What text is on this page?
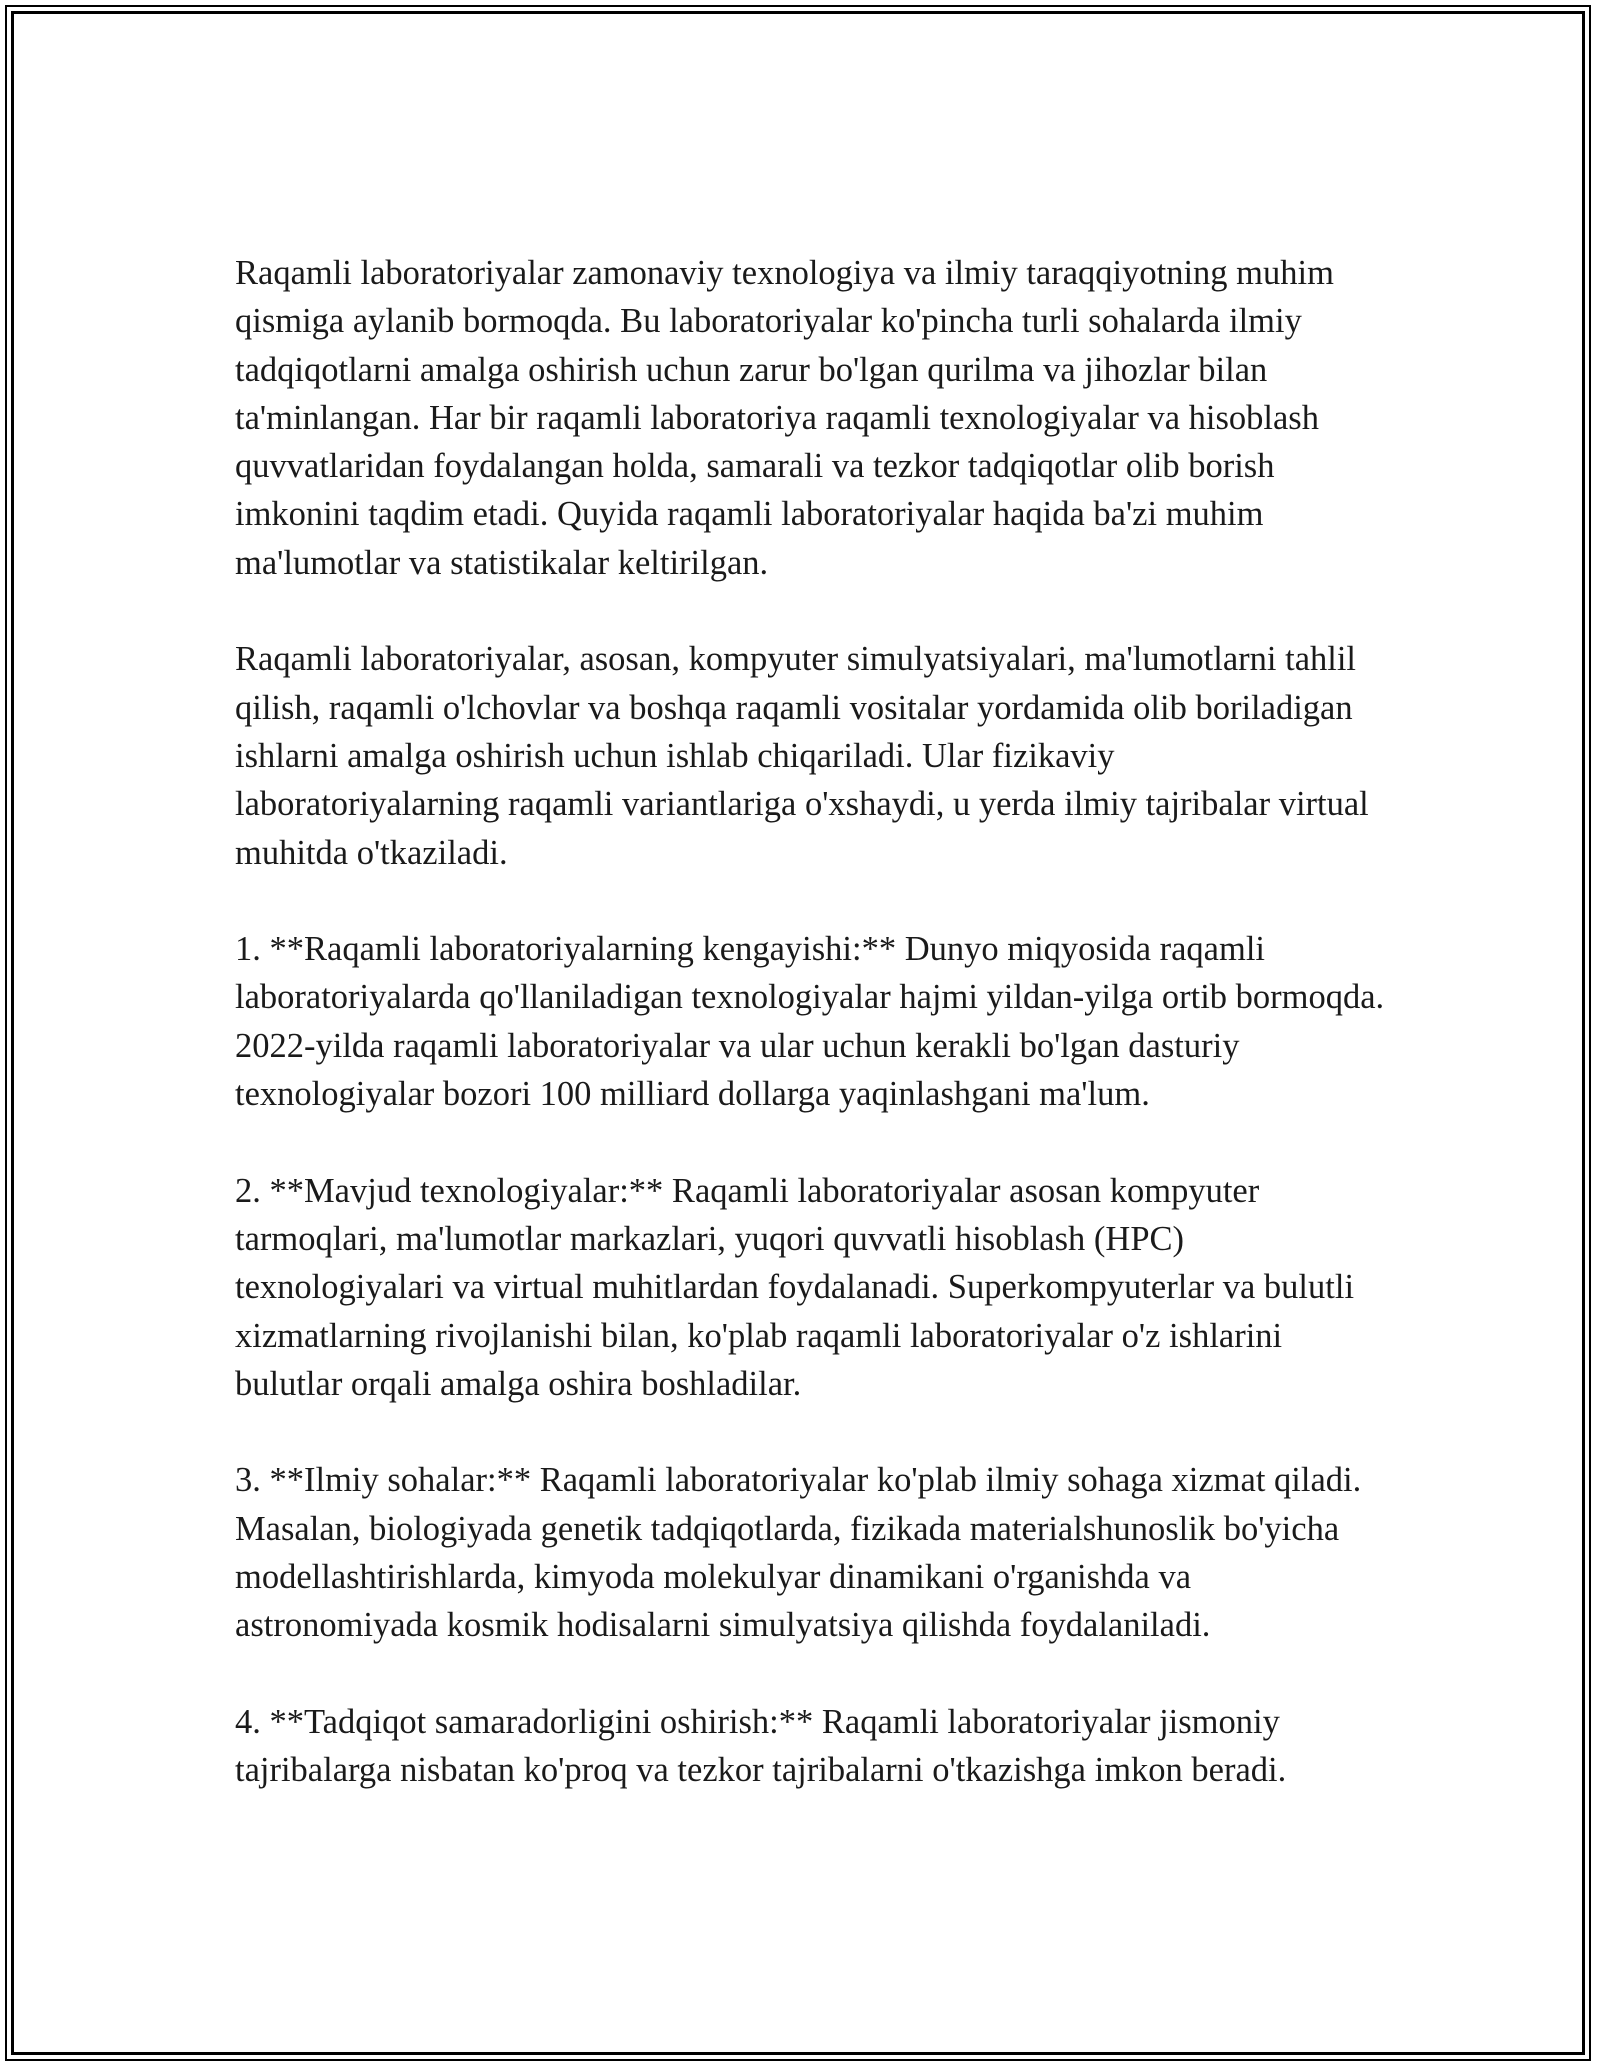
Raqamli laboratoriyalar zamonaviy texnologiya va ilmiy taraqqiyotning muhim qismiga aylanib bormoqda. Bu laboratoriyalar ko'pincha turli sohalarda ilmiy tadqiqotlarni amalga oshirish uchun zarur bo'lgan qurilma va jihozlar bilan ta'minlangan. Har bir raqamli laboratoriya raqamli texnologiyalar va hisoblash quvvatlaridan foydalangan holda, samarali va tezkor tadqiqotlar olib borish imkonini taqdim etadi. Quyida raqamli laboratoriyalar haqida ba'zi muhim ma'lumotlar va statistikalar keltirilgan.

Raqamli laboratoriyalar, asosan, kompyuter simulyatsiyalari, ma'lumotlarni tahlil qilish, raqamli o'lchovlar va boshqa raqamli vositalar yordamida olib boriladigan ishlarni amalga oshirish uchun ishlab chiqariladi. Ular fizikaviy laboratoriyalarning raqamli variantlariga o'xshaydi, u yerda ilmiy tajribalar virtual muhitda o'tkaziladi.

1. **Raqamli laboratoriyalarning kengayishi:** Dunyo miqyosida raqamli laboratoriyalarda qo'llaniladigan texnologiyalar hajmi yildan-yilga ortib bormoqda. 2022-yilda raqamli laboratoriyalar va ular uchun kerakli bo'lgan dasturiy texnologiyalar bozori 100 milliard dollarga yaqinlashgani ma'lum.

2. **Mavjud texnologiyalar:** Raqamli laboratoriyalar asosan kompyuter tarmoqlari, ma'lumotlar markazlari, yuqori quvvatli hisoblash (HPC) texnologiyalari va virtual muhitlardan foydalanadi. Superkompyuterlar va bulutli xizmatlarning rivojlanishi bilan, ko'plab raqamli laboratoriyalar o'z ishlarini bulutlar orqali amalga oshira boshladilar.

3. **Ilmiy sohalar:** Raqamli laboratoriyalar ko'plab ilmiy sohaga xizmat qiladi. Masalan, biologiyada genetik tadqiqotlarda, fizikada materialshunoslik bo'yicha modellashtirishlarda, kimyoda molekulyar dinamikani o'rganishda va astronomiyada kosmik hodisalarni simulyatsiya qilishda foydalaniladi.

4. **Tadqiqot samaradorligini oshirish:** Raqamli laboratoriyalar jismoniy tajribalarga nisbatan ko'proq va tezkor tajribalarni o'tkazishga imkon beradi.
